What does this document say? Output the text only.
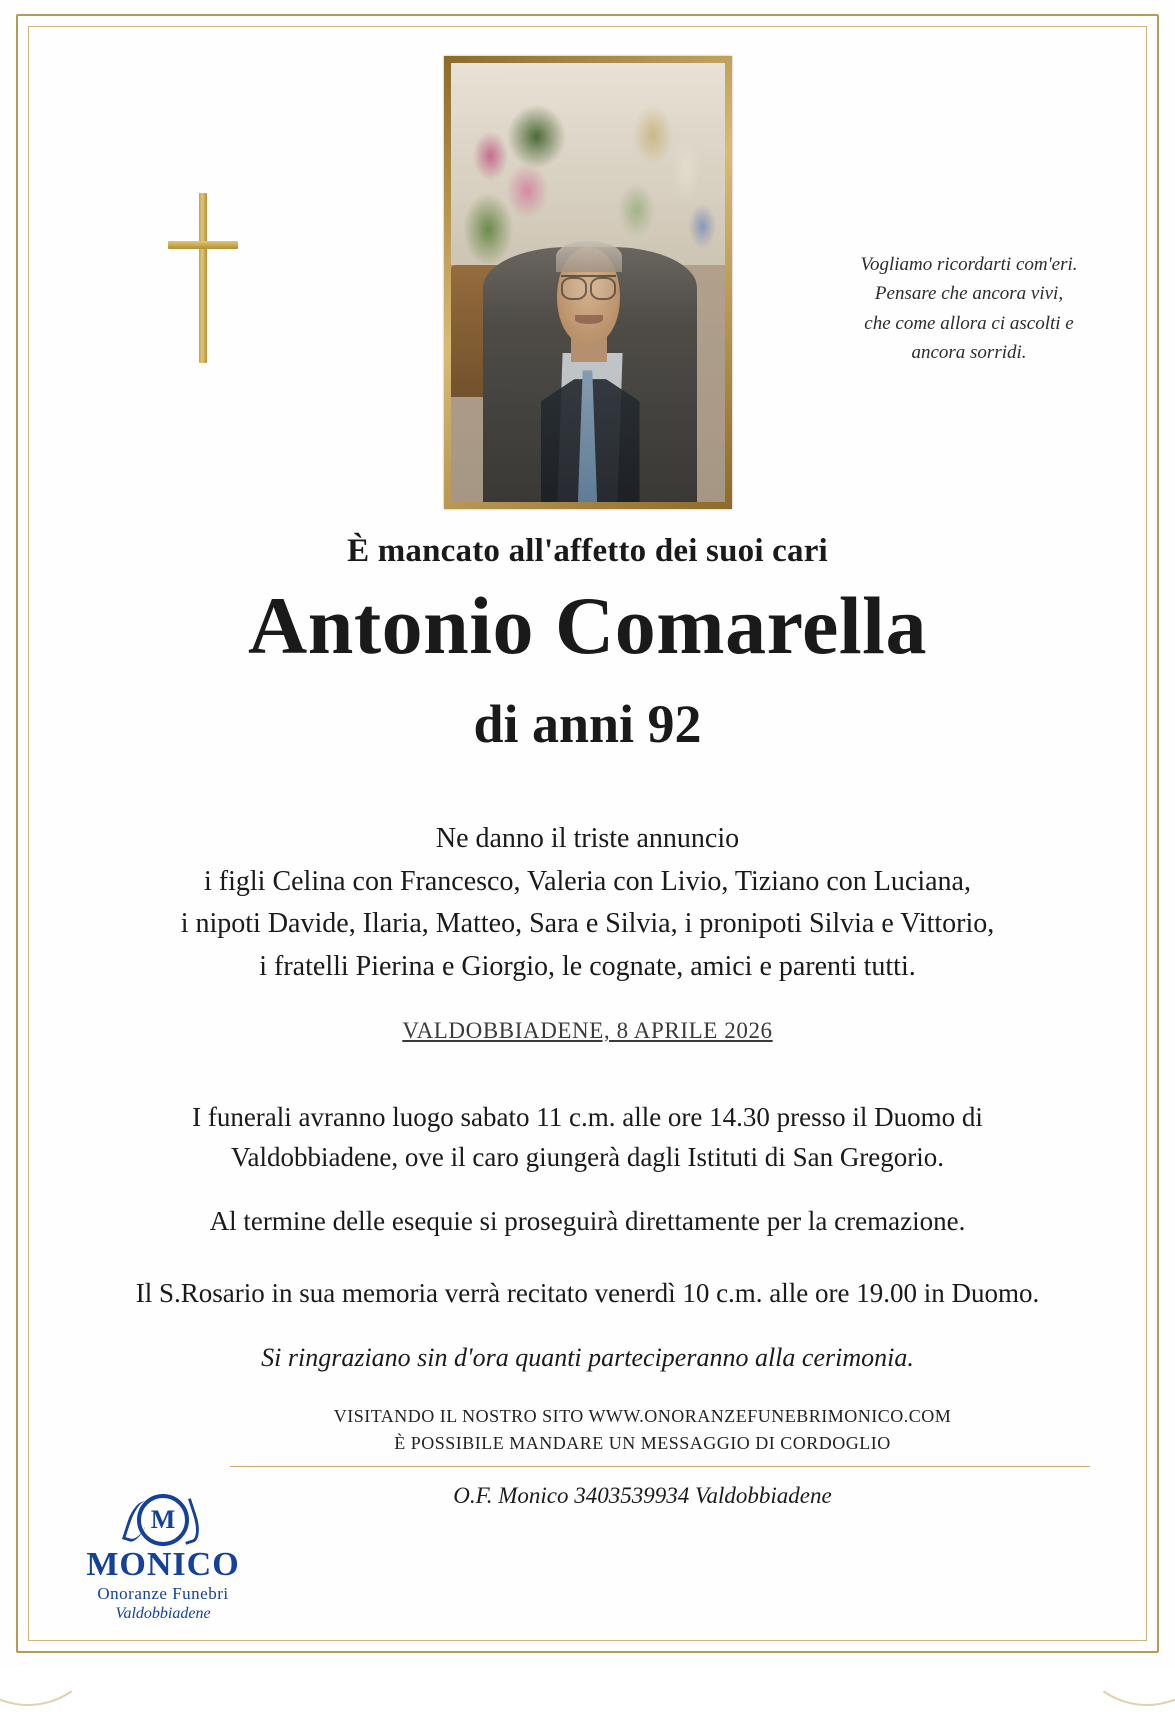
Vogliamo ricordarti com'eri.
Pensare che ancora vivi,
che come allora ci ascolti e
ancora sorridi.
È mancato all'affetto dei suoi cari
Antonio Comarella
di anni 92
Ne danno il triste annuncio
i figli Celina con Francesco, Valeria con Livio, Tiziano con Luciana,
i nipoti Davide, Ilaria, Matteo, Sara e Silvia, i pronipoti Silvia e Vittorio,
i fratelli Pierina e Giorgio, le cognate, amici e parenti tutti.
VALDOBBIADENE, 8 APRILE 2026
I funerali avranno luogo sabato 11 c.m. alle ore 14.30 presso il Duomo di
Valdobbiadene, ove il caro giungerà dagli Istituti di San Gregorio.
Al termine delle esequie si proseguirà direttamente per la cremazione.
Il S.Rosario in sua memoria verrà recitato venerdì 10 c.m. alle ore 19.00 in Duomo.
Si ringraziano sin d'ora quanti parteciperanno alla cerimonia.
VISITANDO IL NOSTRO SITO WWW.ONORANZEFUNEBRIMONICO.COM
È POSSIBILE MANDARE UN MESSAGGIO DI CORDOGLIO
O.F. Monico 3403539934 Valdobbiadene
M
MONICO
Onoranze Funebri
Valdobbiadene
